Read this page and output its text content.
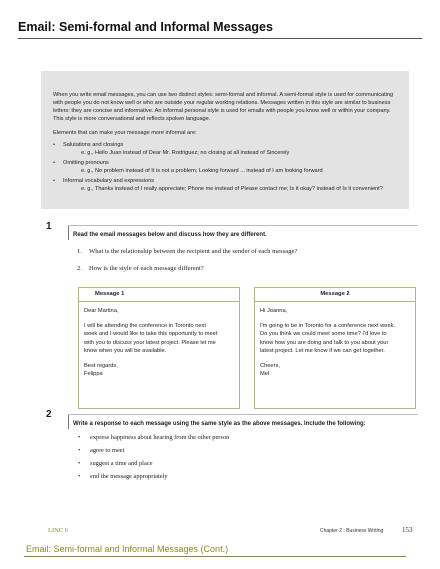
Email: Semi-formal and Informal Messages

When you write email messages, you can use two distinct styles: semi-formal and informal. A semi-formal style is used for communicating with people you do not know well or who are outside your regular working relations. Messages written in this style are similar to business letters: they are concise and informative. An informal personal style is used for emails with people you know well or within your company. This style is more conversational and reflects spoken language.

Elements that can make your message more informal are:
• Salutations and closings
e. g., Hello Juan instead of Dear Mr. Rodriguez; no closing at all instead of Sincerely
• Omitting pronouns
e. g., No problem instead of It is not a problem; Looking forward ... instead of I am looking forward
• Informal vocabulary and expressions
e. g., Thanks instead of I really appreciate; Phone me instead of Please contact me; Is it okay? instead of Is it convenient?
1
Read the email messages below and discuss how they are different.
1. What is the relationship between the recipient and the sender of each message?
2. How is the style of each message different?
Message 1
Dear Martina,
I will be attending the conference in Toronto next
week and I would like to take this opportunity to meet
with you to discuss your latest project. Please let me
know when you will be available.
Best regards,
Felippa
Message 2
Hi Joanna,
I'm going to be in Toronto for a conference next week.
Do you think we could meet some time? I'd love to
know how you are doing and talk to you about your
latest project. Let me know if we can get together.
Cheers,
Mel
2
Write a response to each message using the same style as the above messages. Include the following:
• express happiness about hearing from the other person
• agree to meet
• suggest a time and place
• end the message appropriately
LINC 6	Chapter 2 : Business Writing	153
Email: Semi-formal and Informal Messages (Cont.)
